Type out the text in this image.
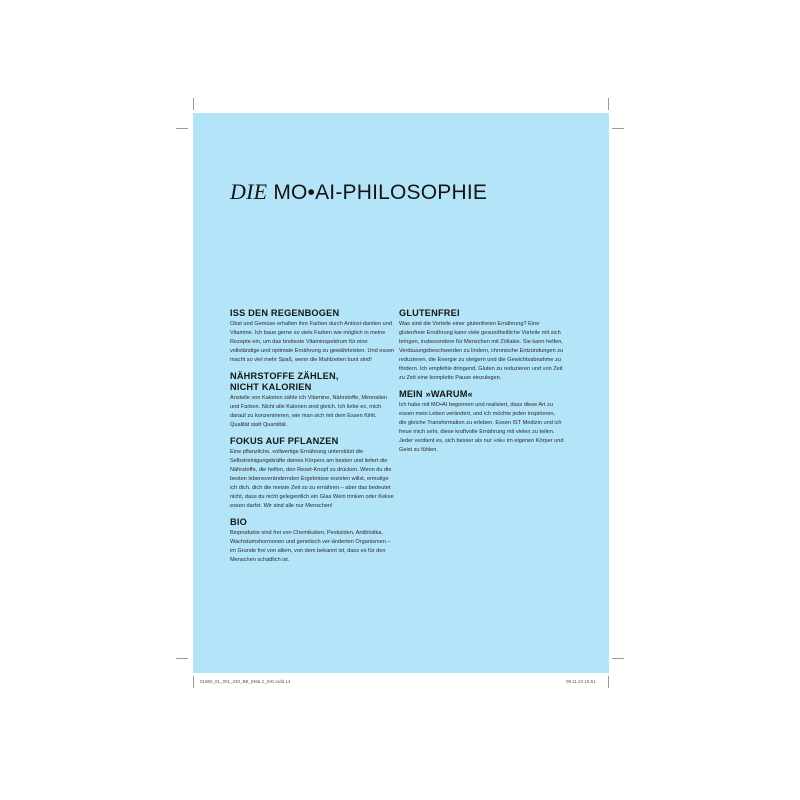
DIE MO•AI-PHILOSOPHIE
ISS DEN REGENBOGEN

Obst und Gemüse erhalten ihre Farben durch Antioxi-dantien und Vitamine. Ich baue gerne so viele Farben wie möglich in meine Rezepte ein, um das breiteste Vitaminspektrum für eine vollständige und optimale Ernährung zu gewährleisten. Und essen macht so viel mehr Spaß, wenn die Mahlzeiten bunt sind!

NÄHRSTOFFE ZÄHLEN, NICHT KALORIEN

Anstelle von Kalorien zähle ich Vitamine, Nährstoffe, Mineralien und Farben. Nicht alle Kalorien sind gleich. Ich liebe es, mich darauf zu konzentrieren, wie man sich mit dem Essen fühlt. Qualität statt Quantität.

FOKUS AUF PFLANZEN

Eine pflanzliche, vollwertige Ernährung unterstützt die Selbstreinigungskräfte deines Körpers am besten und liefert die Nährstoffe, die helfen, den Reset-Knopf zu drücken. Wenn du die besten lebensverändernden Ergebnisse erzielen willst, ermutige ich dich, dich die meiste Zeit so zu ernähren – aber das bedeutet nicht, dass du nicht gelegentlich ein Glas Wein trinken oder Kekse essen darfst. Wir sind alle nur Menschen!

BIO

Bioprodukte sind frei von Chemikalien, Pestiziden, Antibiotika, Wachstumshormonen und genetisch ver-änderten Organismen – im Grunde frei von allem, von dem bekannt ist, dass es für den Menschen schädlich ist.

GLUTENFREI

Was sind die Vorteile einer glutenfreien Ernährung? Eine glutenfreie Ernährung kann viele gesundheitliche Vorteile mit sich bringen, insbesondere für Menschen mit Zöliakie. Sie kann helfen, Verdauungsbeschwerden zu lindern, chronische Entzündungen zu reduzieren, die Energie zu steigern und die Gewichtsabnahme zu fördern. Ich empfehle dringend, Gluten zu reduzieren und von Zeit zu Zeit eine komplette Pause einzulegen.

MEIN »WARUM«

Ich habe mit MO•AI begonnen und realisiert, dass diese Art zu essen mein Leben verändert, und ich möchte jeden inspirieren, die gleiche Transformation zu erleben. Essen IST Medizin und ich freue mich sehr, diese kraftvolle Ernährung mit vielen zu teilen. Jeder verdient es, sich besser als nur »ok« im eigenen Körper und Geist zu fühlen.

01960_01_001_240_BB_EMa 2_SIG.indd 14	09.11.24 15:51
